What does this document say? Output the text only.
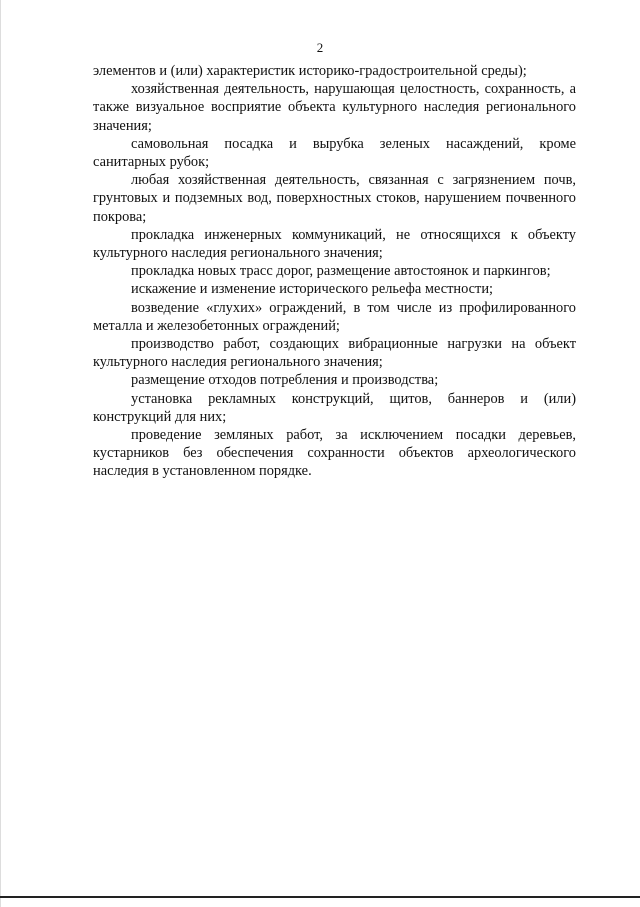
2

элементов и (или) характеристик историко-градостроительной среды);

хозяйственная деятельность, нарушающая целостность, сохранность, а также визуальное восприятие объекта культурного наследия регионального значения;

самовольная посадка и вырубка зеленых насаждений, кроме санитарных рубок;

любая хозяйственная деятельность, связанная с загрязнением почв, грунтовых и подземных вод, поверхностных стоков, нарушением почвенного покрова;

прокладка инженерных коммуникаций, не относящихся к объекту культурного наследия регионального значения;

прокладка новых трасс дорог, размещение автостоянок и паркингов;

искажение и изменение исторического рельефа местности;

возведение «глухих» ограждений, в том числе из профилированного металла и железобетонных ограждений;

производство работ, создающих вибрационные нагрузки на объект культурного наследия регионального значения;

размещение отходов потребления и производства;

установка рекламных конструкций, щитов, баннеров и (или) конструкций для них;

проведение земляных работ, за исключением посадки деревьев, кустарников без обеспечения сохранности объектов археологического наследия в установленном порядке.
